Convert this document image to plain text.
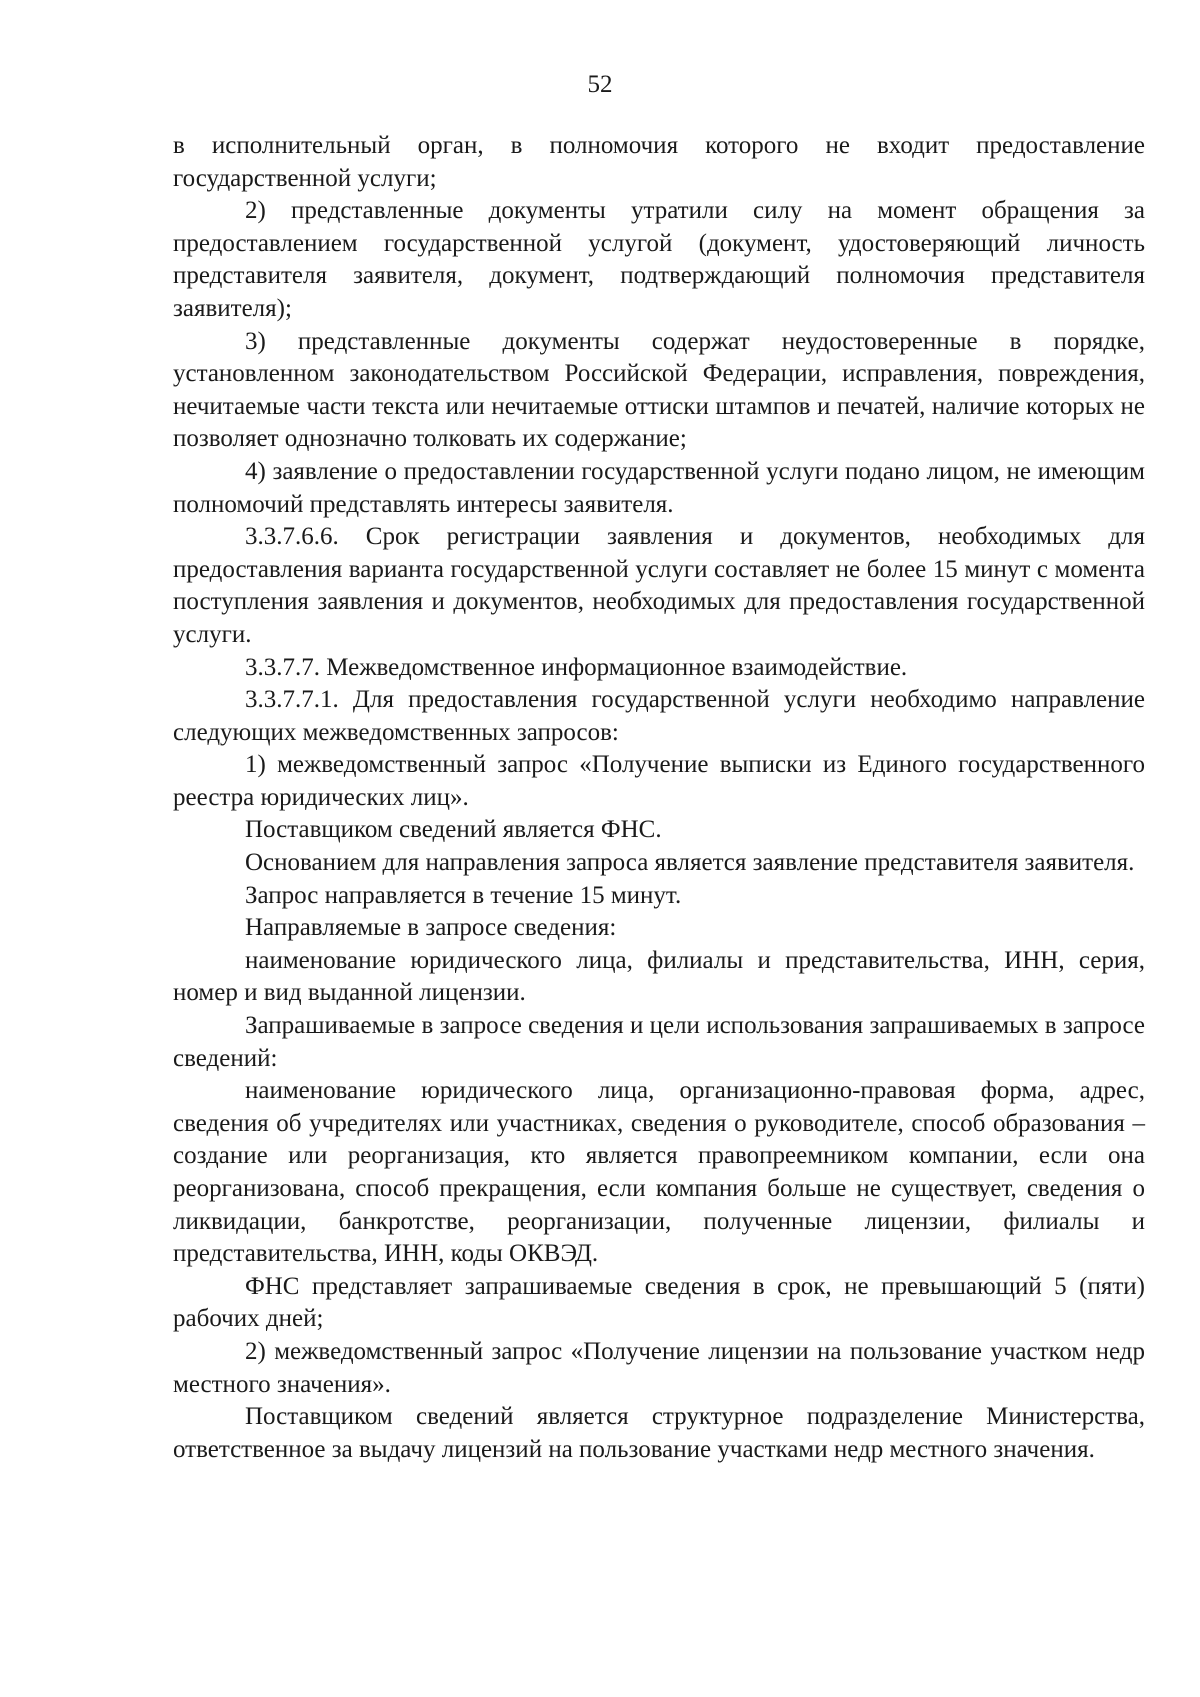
52

в исполнительный орган, в полномочия которого не входит предоставление государственной услуги;

2) представленные документы утратили силу на момент обращения за предоставлением государственной услугой (документ, удостоверяющий личность представителя заявителя, документ, подтверждающий полномочия представителя заявителя);

3) представленные документы содержат неудостоверенные в порядке, установленном законодательством Российской Федерации, исправления, повреждения, нечитаемые части текста или нечитаемые оттиски штампов и печатей, наличие которых не позволяет однозначно толковать их содержание;

4) заявление о предоставлении государственной услуги подано лицом, не имеющим полномочий представлять интересы заявителя.

3.3.7.6.6. Срок регистрации заявления и документов, необходимых для предоставления варианта государственной услуги составляет не более 15 минут с момента поступления заявления и документов, необходимых для предоставления государственной услуги.

3.3.7.7. Межведомственное информационное взаимодействие.

3.3.7.7.1. Для предоставления государственной услуги необходимо направление следующих межведомственных запросов:

1) межведомственный запрос «Получение выписки из Единого государственного реестра юридических лиц».

Поставщиком сведений является ФНС.

Основанием для направления запроса является заявление представителя заявителя.

Запрос направляется в течение 15 минут.

Направляемые в запросе сведения:

наименование юридического лица, филиалы и представительства, ИНН, серия, номер и вид выданной лицензии.

Запрашиваемые в запросе сведения и цели использования запрашиваемых в запросе сведений:

наименование юридического лица, организационно-правовая форма, адрес, сведения об учредителях или участниках, сведения о руководителе, способ образования – создание или реорганизация, кто является правопреемником компании, если она реорганизована, способ прекращения, если компания больше не существует, сведения о ликвидации, банкротстве, реорганизации, полученные лицензии, филиалы и представительства, ИНН, коды ОКВЭД.

ФНС представляет запрашиваемые сведения в срок, не превышающий 5 (пяти) рабочих дней;

2) межведомственный запрос «Получение лицензии на пользование участком недр местного значения».

Поставщиком сведений является структурное подразделение Министерства, ответственное за выдачу лицензий на пользование участками недр местного значения.
